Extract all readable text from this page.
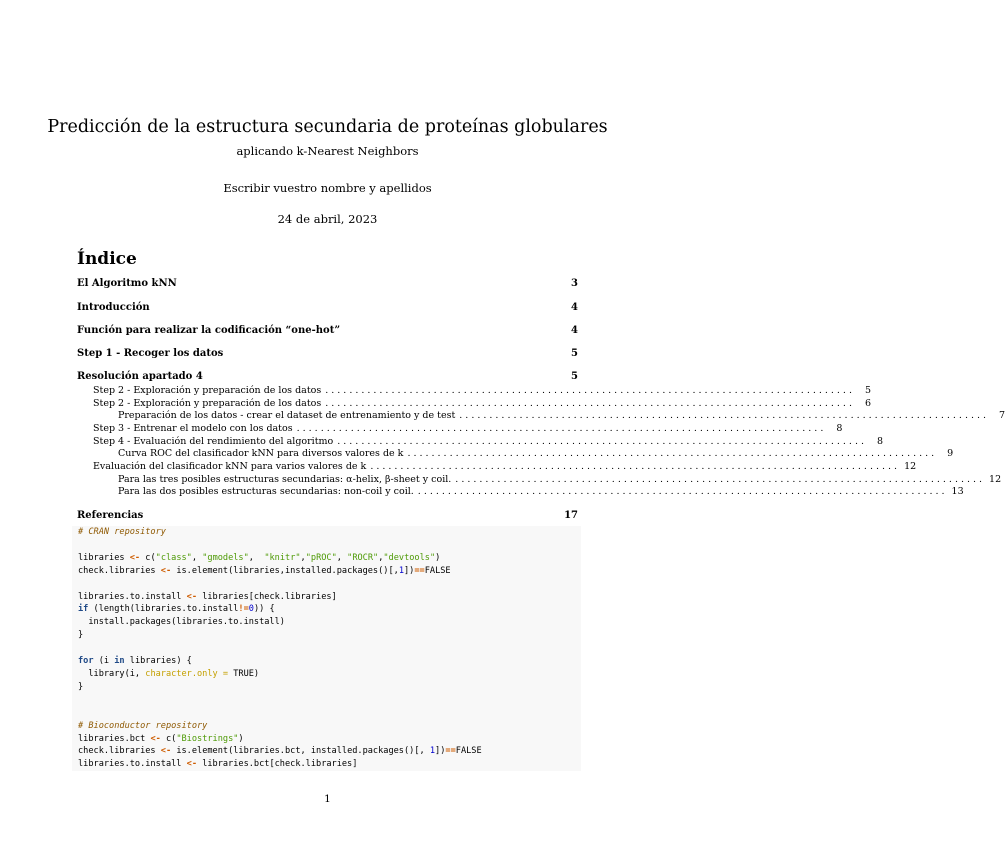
Predicción de la estructura secundaria de proteínas globulares
aplicando k-Nearest Neighbors
Escribir vuestro nombre y apellidos
24 de abril, 2023
Índice
El Algoritmo kNN	3
Introducción	4
Función para realizar la codificación “one-hot”	4
Step 1 - Recoger los datos	5
Resolución apartado 4	5
Step 2 - Exploración y preparación de los datos ........................................................................................	5
Step 2 - Exploración y preparación de los datos ........................................................................................	6
Preparación de los datos - crear el dataset de entrenamiento y de test ........................................................................................	7
Step 3 - Entrenar el modelo con los datos ........................................................................................	8
Step 4 - Evaluación del rendimiento del algoritmo ........................................................................................	8
Curva ROC del clasificador kNN para diversos valores de k ........................................................................................	9
Evaluación del clasificador kNN para varios valores de k ........................................................................................ 12
Para las tres posibles estructuras secundarias: α-helix, β-sheet y coil. ........................................................................................ 12
Para las dos posibles estructuras secundarias: non-coil y coil. ........................................................................................ 13
Referencias	17
# CRAN repository

libraries <- c("class", "gmodels",  "knitr","pROC", "ROCR","devtools")
check.libraries <- is.element(libraries,installed.packages()[,1])==FALSE

libraries.to.install <- libraries[check.libraries]
if (length(libraries.to.install!=0)) {
install.packages(libraries.to.install)
}

for (i in libraries) {
library(i, character.only = TRUE)
}

# Bioconductor repository
libraries.bct <- c("Biostrings")
check.libraries <- is.element(libraries.bct, installed.packages()[, 1])==FALSE
libraries.to.install <- libraries.bct[check.libraries]
1
